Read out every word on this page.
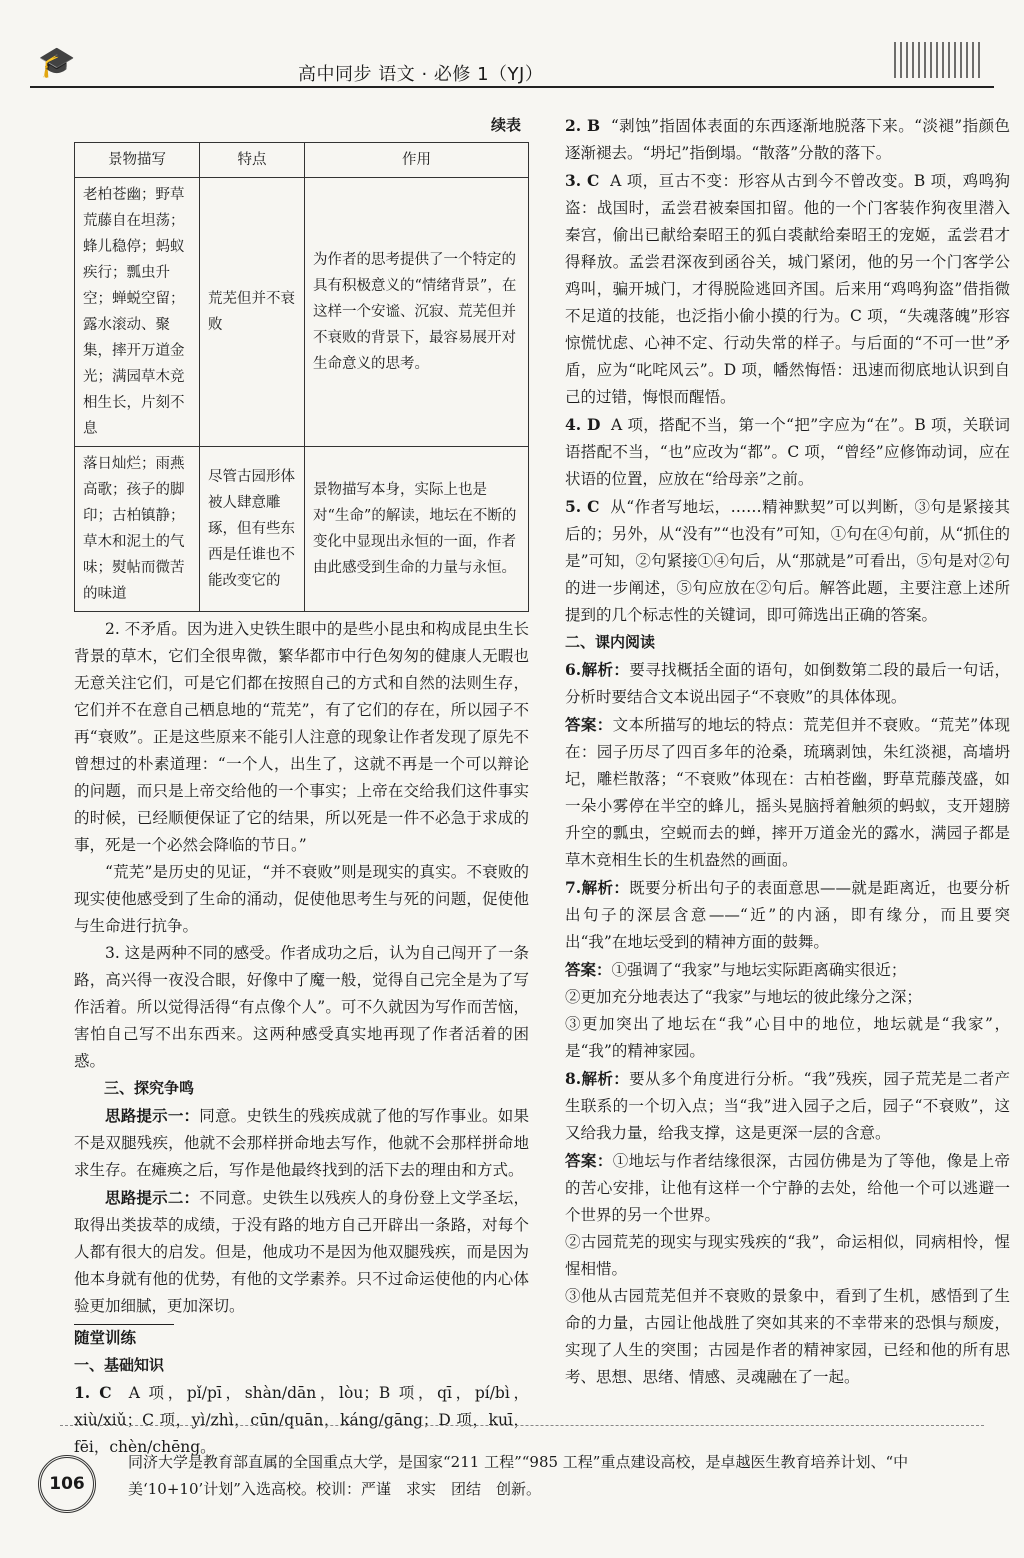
🎓	高中同步 语文 · 必修 1（YJ）
续表
景物描写	特点	作用
老柏苍幽；野草荒藤自在坦荡；蜂儿稳停；蚂蚁疾行；瓢虫升空；蝉蜕空留；露水滚动、聚集，摔开万道金光；满园草木竞相生长，片刻不息	荒芜但并不衰败	为作者的思考提供了一个特定的具有积极意义的“情绪背景”，在这样一个安谧、沉寂、荒芜但并不衰败的背景下，最容易展开对生命意义的思考。
落日灿烂；雨燕高歌；孩子的脚印；古柏镇静；草木和泥土的气味；熨帖而微苦的味道	尽管古园形体被人肆意雕琢，但有些东西是任谁也不能改变它的	景物描写本身，实际上也是对“生命”的解读，地坛在不断的变化中显现出永恒的一面，作者由此感受到生命的力量与永恒。

2. 不矛盾。因为进入史铁生眼中的是些小昆虫和构成昆虫生长背景的草木，它们全很卑微，繁华都市中行色匆匆的健康人无暇也无意关注它们，可是它们都在按照自己的方式和自然的法则生存，它们并不在意自己栖息地的“荒芜”，有了它们的存在，所以园子不再“衰败”。正是这些原来不能引人注意的现象让作者发现了原先不曾想过的朴素道理：“一个人，出生了，这就不再是一个可以辩论的问题，而只是上帝交给他的一个事实；上帝在交给我们这件事实的时候，已经顺便保证了它的结果，所以死是一件不必急于求成的事，死是一个必然会降临的节日。”

“荒芜”是历史的见证，“并不衰败”则是现实的真实。不衰败的现实使他感受到了生命的涌动，促使他思考生与死的问题，促使他与生命进行抗争。

3. 这是两种不同的感受。作者成功之后，认为自己闯开了一条路，高兴得一夜没合眼，好像中了魔一般，觉得自己完全是为了写作活着。所以觉得活得“有点像个人”。可不久就因为写作而苦恼，害怕自己写不出东西来。这两种感受真实地再现了作者活着的困惑。

三、探究争鸣

思路提示一：同意。史铁生的残疾成就了他的写作事业。如果不是双腿残疾，他就不会那样拼命地去写作，他就不会那样拼命地求生存。在瘫痪之后，写作是他最终找到的活下去的理由和方式。

思路提示二：不同意。史铁生以残疾人的身份登上文学圣坛，取得出类拔萃的成绩，于没有路的地方自己开辟出一条路，对每个人都有很大的启发。但是，他成功不是因为他双腿残疾，而是因为他本身就有他的优势，有他的文学素养。只不过命运使他的内心体验更加细腻，更加深切。

随堂训练

一、基础知识

1. C A 项，pǐ/pī，shàn/dān，lòu；B 项，qī，pí/bì，xiù/xiǔ；C 项，yì/zhì，cūn/quān，káng/gāng；D 项，kuī，fēi，chèn/chēng。

2. B “剥蚀”指固体表面的东西逐渐地脱落下来。“淡褪”指颜色逐渐褪去。“坍圮”指倒塌。“散落”分散的落下。

3. C A 项，亘古不变：形容从古到今不曾改变。B 项，鸡鸣狗盗：战国时，孟尝君被秦国扣留。他的一个门客装作狗夜里潜入秦宫，偷出已献给秦昭王的狐白裘献给秦昭王的宠姬，孟尝君才得释放。孟尝君深夜到函谷关，城门紧闭，他的另一个门客学公鸡叫，骗开城门，才得脱险逃回齐国。后来用“鸡鸣狗盗”借指微不足道的技能，也泛指小偷小摸的行为。C 项，“失魂落魄”形容惊慌忧虑、心神不定、行动失常的样子。与后面的“不可一世”矛盾，应为“叱咤风云”。D 项，幡然悔悟：迅速而彻底地认识到自己的过错，悔恨而醒悟。

4. D A 项，搭配不当，第一个“把”字应为“在”。B 项，关联词语搭配不当，“也”应改为“都”。C 项，“曾经”应修饰动词，应在状语的位置，应放在“给母亲”之前。

5. C 从“作者写地坛，……精神默契”可以判断，③句是紧接其后的；另外，从“没有”“也没有”可知，①句在④句前，从“抓住的是”可知，②句紧接①④句后，从“那就是”可看出，⑤句是对②句的进一步阐述，⑤句应放在②句后。解答此题，主要注意上述所提到的几个标志性的关键词，即可筛选出正确的答案。

二、课内阅读

6.解析：要寻找概括全面的语句，如倒数第二段的最后一句话，分析时要结合文本说出园子“不衰败”的具体体现。

答案：文本所描写的地坛的特点：荒芜但并不衰败。“荒芜”体现在：园子历尽了四百多年的沧桑，琉璃剥蚀，朱红淡褪，高墙坍圮，雕栏散落；“不衰败”体现在：古柏苍幽，野草荒藤茂盛，如一朵小雾停在半空的蜂儿，摇头晃脑捋着触须的蚂蚁，支开翅膀升空的瓢虫，空蜕而去的蝉，摔开万道金光的露水，满园子都是草木竞相生长的生机盎然的画面。

7.解析：既要分析出句子的表面意思——就是距离近，也要分析出句子的深层含意——“近”的内涵，即有缘分，而且要突出“我”在地坛受到的精神方面的鼓舞。

答案：①强调了“我家”与地坛实际距离确实很近；

②更加充分地表达了“我家”与地坛的彼此缘分之深；

③更加突出了地坛在“我”心目中的地位，地坛就是“我家”，是“我”的精神家园。

8.解析：要从多个角度进行分析。“我”残疾，园子荒芜是二者产生联系的一个切入点；当“我”进入园子之后，园子“不衰败”，这又给我力量，给我支撑，这是更深一层的含意。

答案：①地坛与作者结缘很深，古园仿佛是为了等他，像是上帝的苦心安排，让他有这样一个宁静的去处，给他一个可以逃避一个世界的另一个世界。

②古园荒芜的现实与现实残疾的“我”，命运相似，同病相怜，惺惺相惜。

③他从古园荒芜但并不衰败的景象中，看到了生机，感悟到了生命的力量，古园让他战胜了突如其来的不幸带来的恐惧与颓废，实现了人生的突围；古园是作者的精神家园，已经和他的所有思考、思想、思绪、情感、灵魂融在了一起。

106
同济大学是教育部直属的全国重点大学，是国家“211 工程”“985 工程”重点建设高校，是卓越医生教育培养计划、“中美‘10+10’计划”入选高校。校训：严谨　求实　团结　创新。
